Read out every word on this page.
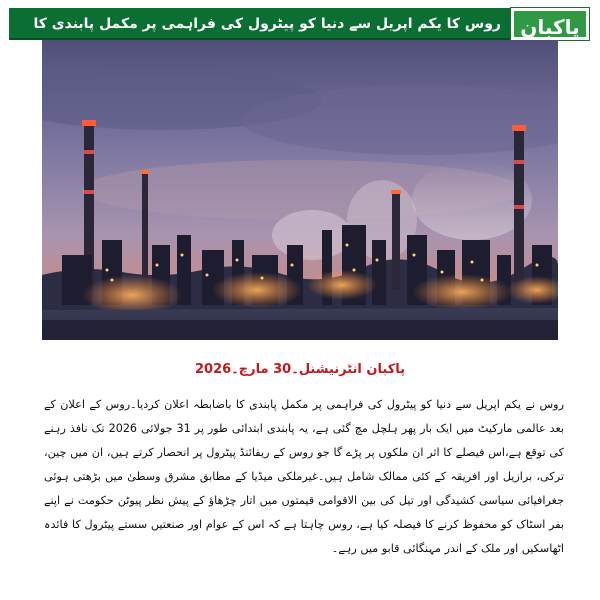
پاکبان
روس کا یکم اپریل سے دنیا کو پیٹرول کی فراہمی پر مکمل پابندی کا
پاکبان انٹرنیشنل۔30 مارچ۔2026
روس نے یکم اپریل سے دنیا کو پیٹرول کی فراہمی پر مکمل پابندی کا باضابطہ اعلان کردیا۔روس کے اعلان کے بعد عالمی مارکیٹ میں ایک بار پھر ہلچل مچ گئی ہے، یہ پابندی ابتدائی طور پر 31 جولائی 2026 تک نافذ رہنے کی توقع ہے،اس فیصلے کا اثر ان ملکوں پر پڑے گا جو روس کے ریفائنڈ پیٹرول پر انحصار کرتے ہیں، ان میں چین، ترکی، برازیل اور افریقہ کے کئی ممالک شامل ہیں۔غیرملکی میڈیا کے مطابق مشرق وسطیٰ میں بڑھتی ہوئی جغرافیائی سیاسی کشیدگی اور تیل کی بین الاقوامی قیمتوں میں اتار چڑھاؤ کے پیش نظر پیوٹن حکومت نے اپنے بفر اسٹاک کو محفوظ کرنے کا فیصلہ کیا ہے، روس چاہتا ہے کہ اس کے عوام اور صنعتیں سستے پیٹرول کا فائدہ اٹھاسکیں اور ملک کے اندر مہنگائی قابو میں رہے۔
